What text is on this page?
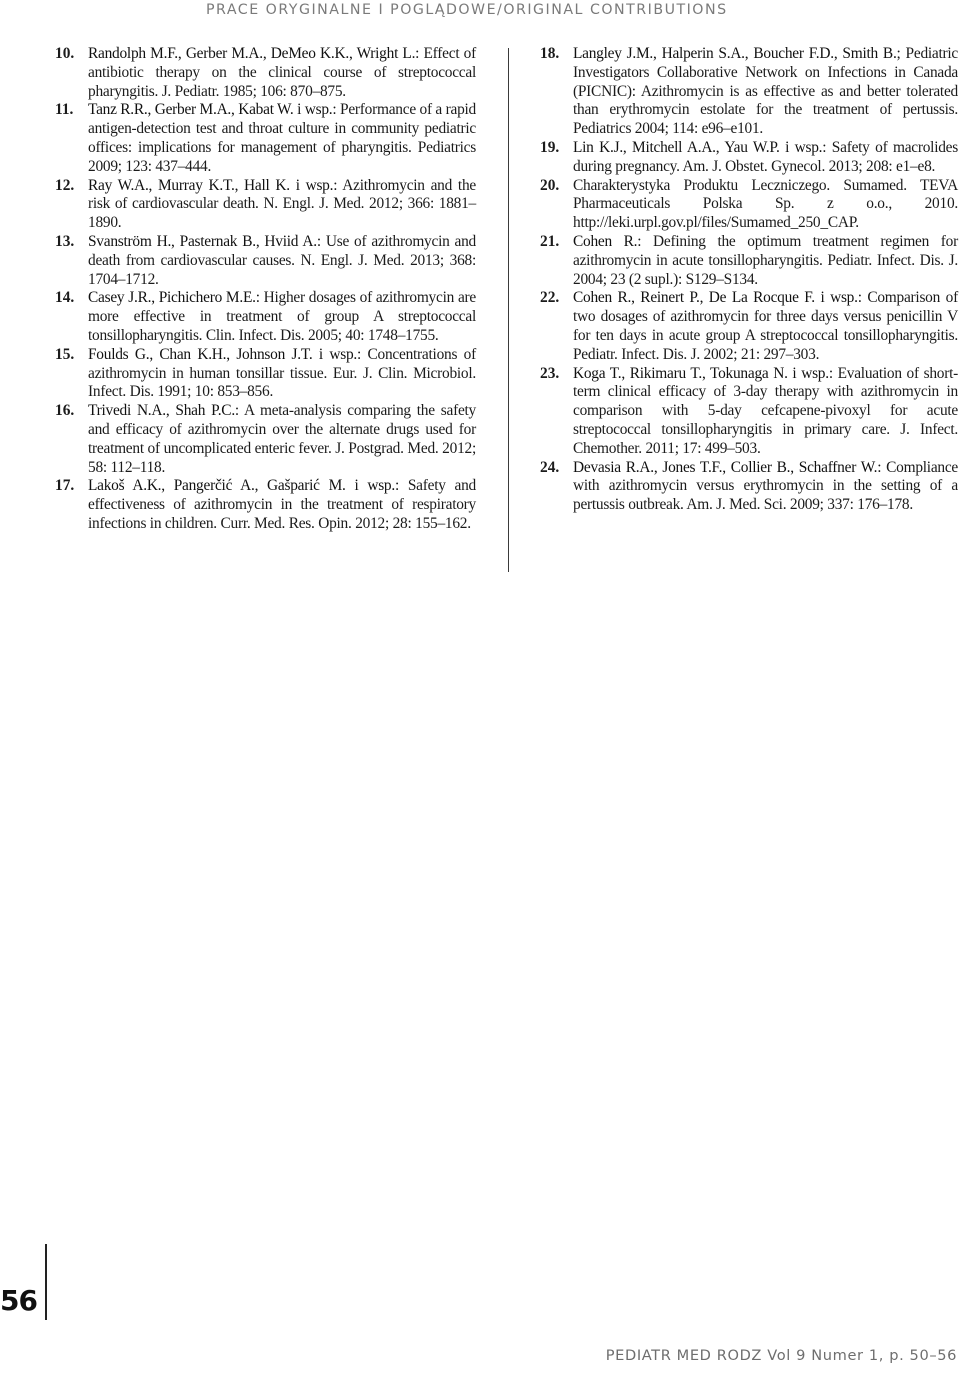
PRACE ORYGINALNE I POGLĄDOWE/ORIGINAL CONTRIBUTIONS
10. Randolph M.F., Gerber M.A., DeMeo K.K., Wright L.: Effect of antibiotic therapy on the clinical course of streptococcal pharyngitis. J. Pediatr. 1985; 106: 870–875.
11. Tanz R.R., Gerber M.A., Kabat W. i wsp.: Performance of a rapid antigen-detection test and throat culture in community pediatric offices: implications for management of pharyngitis. Pediatrics 2009; 123: 437–444.
12. Ray W.A., Murray K.T., Hall K. i wsp.: Azithromycin and the risk of cardiovascular death. N. Engl. J. Med. 2012; 366: 1881–1890.
13. Svanström H., Pasternak B., Hviid A.: Use of azithromycin and death from cardiovascular causes. N. Engl. J. Med. 2013; 368: 1704–1712.
14. Casey J.R., Pichichero M.E.: Higher dosages of azithromycin are more effective in treatment of group A streptococcal tonsillopharyngitis. Clin. Infect. Dis. 2005; 40: 1748–1755.
15. Foulds G., Chan K.H., Johnson J.T. i wsp.: Concentrations of azithromycin in human tonsillar tissue. Eur. J. Clin. Microbiol. Infect. Dis. 1991; 10: 853–856.
16. Trivedi N.A., Shah P.C.: A meta-analysis comparing the safety and efficacy of azithromycin over the alternate drugs used for treatment of uncomplicated enteric fever. J. Postgrad. Med. 2012; 58: 112–118.
17. Lakoš A.K., Pangerčić A., Gašparić M. i wsp.: Safety and effectiveness of azithromycin in the treatment of respiratory infections in children. Curr. Med. Res. Opin. 2012; 28: 155–162.
18. Langley J.M., Halperin S.A., Boucher F.D., Smith B.; Pediatric Investigators Collaborative Network on Infections in Canada (PICNIC): Azithromycin is as effective as and better tolerated than erythromycin estolate for the treatment of pertussis. Pediatrics 2004; 114: e96–e101.
19. Lin K.J., Mitchell A.A., Yau W.P. i wsp.: Safety of macrolides during pregnancy. Am. J. Obstet. Gynecol. 2013; 208: e1–e8.
20. Charakterystyka Produktu Leczniczego. Sumamed. TEVA Pharmaceuticals Polska Sp. z o.o., 2010. http://leki.urpl.gov.pl/files/Sumamed_250_CAP.
21. Cohen R.: Defining the optimum treatment regimen for azithromycin in acute tonsillopharyngitis. Pediatr. Infect. Dis. J. 2004; 23 (2 supl.): S129–S134.
22. Cohen R., Reinert P., De La Rocque F. i wsp.: Comparison of two dosages of azithromycin for three days versus penicillin V for ten days in acute group A streptococcal tonsillopharyngitis. Pediatr. Infect. Dis. J. 2002; 21: 297–303.
23. Koga T., Rikimaru T., Tokunaga N. i wsp.: Evaluation of short-term clinical efficacy of 3-day therapy with azithromycin in comparison with 5-day cefcapene-pivoxyl for acute streptococcal tonsillopharyngitis in primary care. J. Infect. Chemother. 2011; 17: 499–503.
24. Devasia R.A., Jones T.F., Collier B., Schaffner W.: Compliance with azithromycin versus erythromycin in the setting of a pertussis outbreak. Am. J. Med. Sci. 2009; 337: 176–178.
56
PEDIATR MED RODZ Vol 9 Numer 1, p. 50–56
